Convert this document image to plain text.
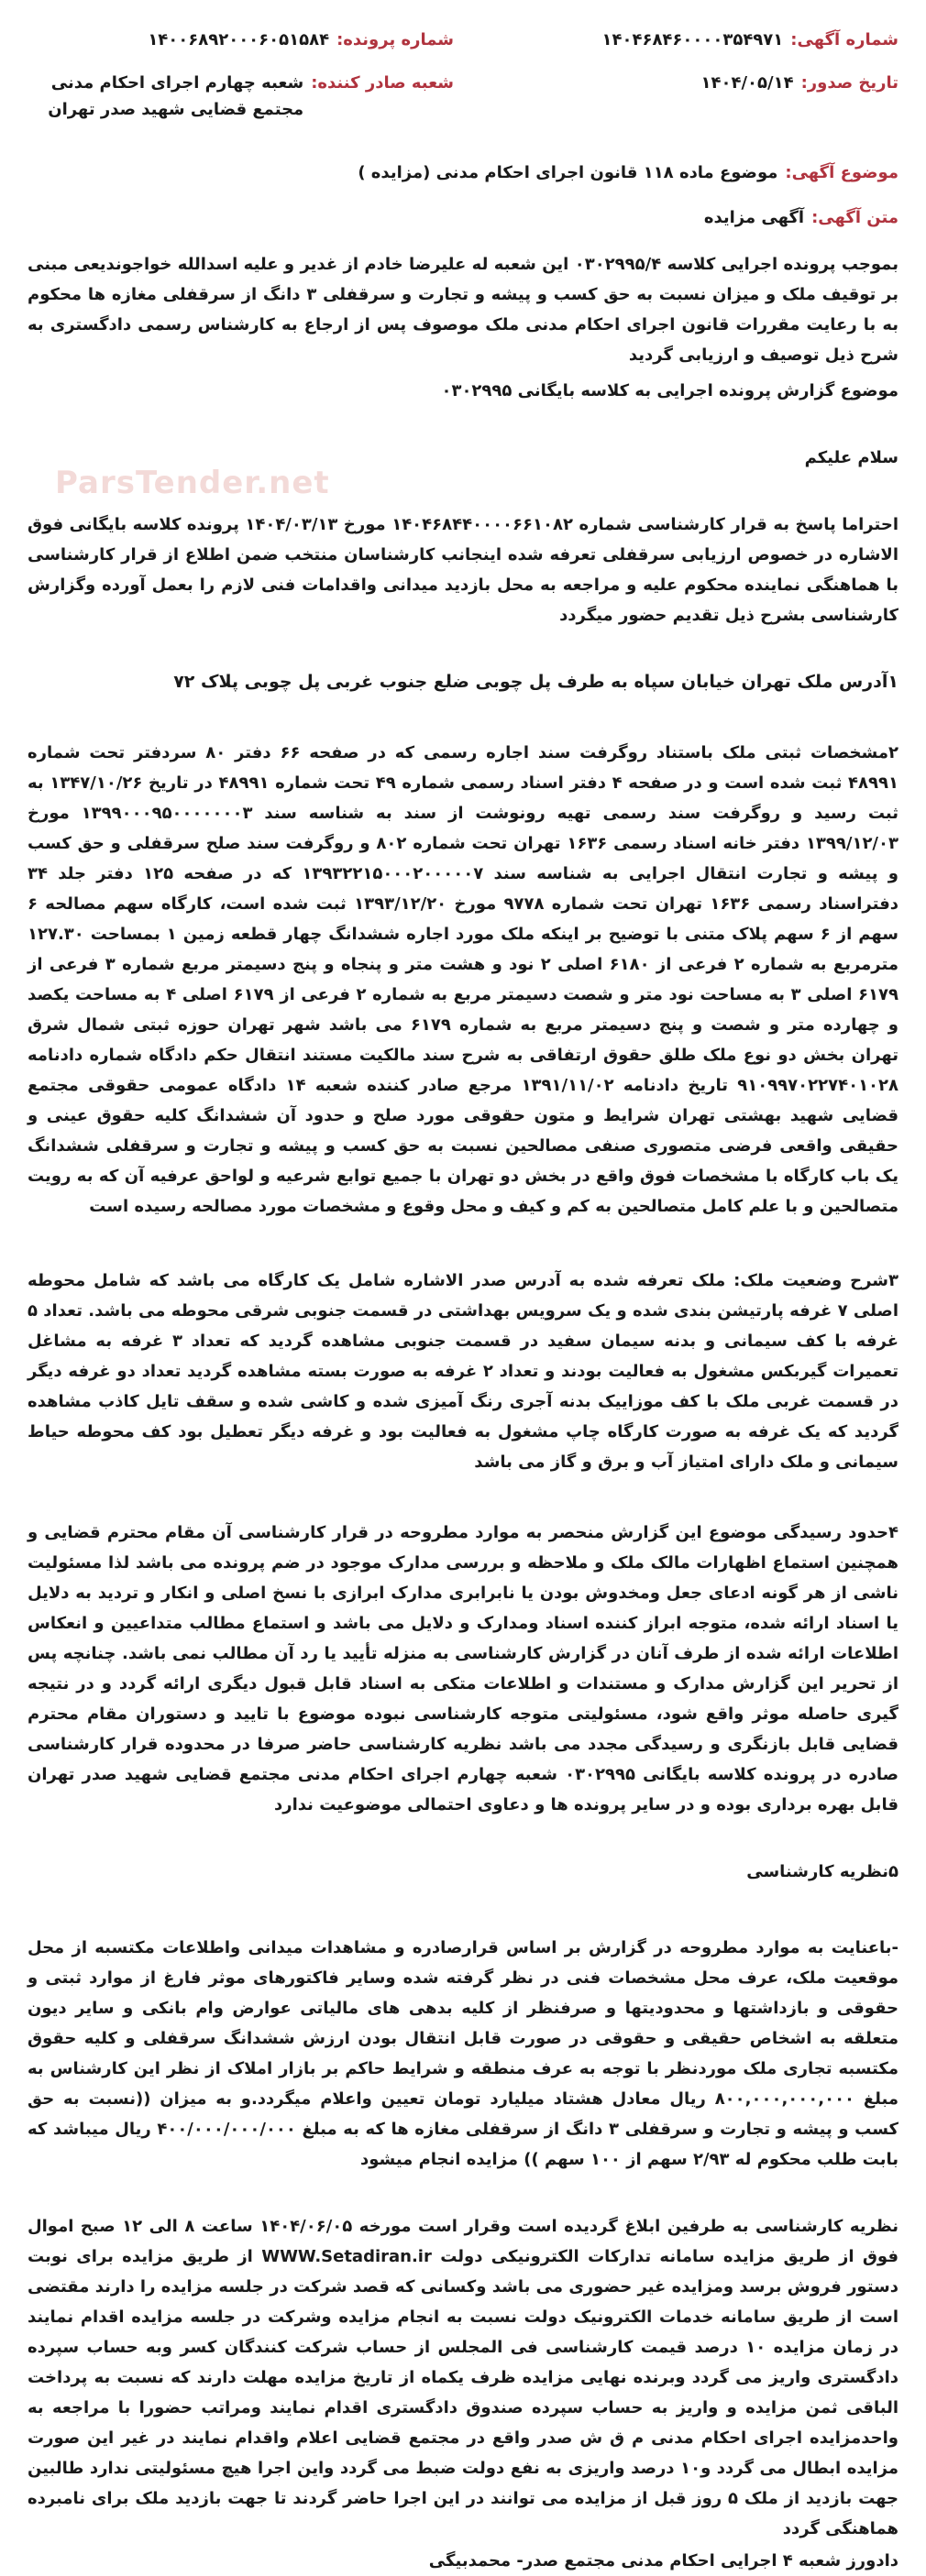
ParsTender.net
شماره آگهی:
۱۴۰۴۶۸۴۶۰۰۰۰۳۵۴۹۷۱
شماره پرونده:
۱۴۰۰۶۸۹۲۰۰۰۶۰۵۱۵۸۴
تاریخ صدور:
۱۴۰۴/۰۵/۱۴
شعبه صادر کننده:
شعبه چهارم اجرای احکام مدنی مجتمع قضایی شهید صدر تهران
موضوع آگهی:
موضوع ماده ۱۱۸ قانون اجرای احکام مدنی (مزایده )
متن آگهی:
آگهی مزایده

بموجب پرونده اجرایی کلاسه ۰۳۰۲۹۹۵/۴ این شعبه له علیرضا خادم از غدیر و علیه اسدالله خواجوندیعی مبنی بر توقیف ملک و میزان نسبت به حق کسب و پیشه و تجارت و سرقفلی ۳ دانگ از سرقفلی مغازه ها محکوم به با رعایت مقررات قانون اجرای احکام مدنی ملک موصوف پس از ارجاع به کارشناس رسمی دادگستری به شرح ذیل توصیف و ارزیابی گردید

موضوع گزارش پرونده اجرایی به کلاسه بایگانی ۰۳۰۲۹۹۵

سلام علیکم

احتراما پاسخ به قرار کارشناسی شماره ۱۴۰۴۶۸۴۴۰۰۰۰۶۶۱۰۸۲ مورخ ۱۴۰۴/۰۳/۱۳ پرونده کلاسه بایگانی فوق الاشاره در خصوص ارزیابی سرقفلی تعرفه شده اینجانب کارشناسان منتخب ضمن اطلاع از قرار کارشناسی با هماهنگی نماینده محکوم علیه و مراجعه به محل بازدید میدانی واقدامات فنی لازم را بعمل آورده وگزارش کارشناسی بشرح ذیل تقدیم حضور میگردد

۱آدرس ملک تهران خیابان سپاه به طرف پل چوبی ضلع جنوب غربی پل چوبی پلاک ۷۲

۲مشخصات ثبتی ملک باستناد روگرفت سند اجاره رسمی که در صفحه ۶۶ دفتر ۸۰ سردفتر تحت شماره ۴۸۹۹۱ ثبت شده است و در صفحه ۴ دفتر اسناد رسمی شماره ۴۹ تحت شماره ۴۸۹۹۱ در تاریخ ۱۳۴۷/۱۰/۲۶ به ثبت رسید و روگرفت سند رسمی تهیه رونوشت از سند به شناسه سند ۱۳۹۹۰۰۰۹۵۰۰۰۰۰۰۰۳ مورخ ۱۳۹۹/۱۲/۰۳ دفتر خانه اسناد رسمی ۱۶۳۶ تهران تحت شماره ۸۰۲ و روگرفت سند صلح سرقفلی و حق کسب و پیشه و تجارت انتقال اجرایی به شناسه سند ۱۳۹۳۲۲۱۵۰۰۰۲۰۰۰۰۰۷ که در صفحه ۱۲۵ دفتر جلد ۳۴ دفتراسناد رسمی ۱۶۳۶ تهران تحت شماره ۹۷۷۸ مورخ ۱۳۹۳/۱۲/۲۰ ثبت شده است، کارگاه سهم مصالحه ۶ سهم از ۶ سهم پلاک متنی با توضیح بر اینکه ملک مورد اجاره ششدانگ چهار قطعه زمین ۱ بمساحت ۱۲۷.۳۰ مترمربع به شماره ۲ فرعی از ۶۱۸۰ اصلی ۲ نود و هشت متر و پنجاه و پنج دسیمتر مربع شماره ۳ فرعی از ۶۱۷۹ اصلی ۳ به مساحت نود متر و شصت دسیمتر مربع به شماره ۲ فرعی از ۶۱۷۹ اصلی ۴ به مساحت یکصد و چهارده متر و شصت و پنج دسیمتر مربع به شماره ۶۱۷۹ می باشد شهر تهران حوزه ثبتی شمال شرق تهران بخش دو نوع ملک طلق حقوق ارتفاقی به شرح سند مالکیت مستند انتقال حکم دادگاه شماره دادنامه ۹۱۰۹۹۷۰۲۲۷۴۰۱۰۲۸ تاریخ دادنامه ۱۳۹۱/۱۱/۰۲ مرجع صادر کننده شعبه ۱۴ دادگاه عمومی حقوقی مجتمع قضایی شهید بهشتی تهران شرایط و متون حقوقی مورد صلح و حدود آن ششدانگ کلیه حقوق عینی و حقیقی واقعی فرضی متصوری صنفی مصالحین نسبت به حق کسب و پیشه و تجارت و سرقفلی ششدانگ یک باب کارگاه با مشخصات فوق واقع در بخش دو تهران با جمیع توابع شرعیه و لواحق عرفیه آن که به رویت متصالحین و با علم کامل متصالحین به کم و کیف و محل وقوع و مشخصات مورد مصالحه رسیده است

۳شرح وضعیت ملک: ملک تعرفه شده به آدرس صدر الاشاره شامل یک کارگاه می باشد که شامل محوطه اصلی ۷ غرفه پارتیشن بندی شده و یک سرویس بهداشتی در قسمت جنوبی شرقی محوطه می باشد. تعداد ۵ غرفه با کف سیمانی و بدنه سیمان سفید در قسمت جنوبی مشاهده گردید که تعداد ۳ غرفه به مشاغل تعمیرات گیربکس مشغول به فعالیت بودند و تعداد ۲ غرفه به صورت بسته مشاهده گردید تعداد دو غرفه دیگر در قسمت غربی ملک با کف موزاییک بدنه آجری رنگ آمیزی شده و کاشی شده و سقف تایل کاذب مشاهده گردید که یک غرفه به صورت کارگاه چاپ مشغول به فعالیت بود و غرفه دیگر تعطیل بود کف محوطه حیاط سیمانی و ملک دارای امتیاز آب و برق و گاز می باشد

۴حدود رسیدگی موضوع این گزارش منحصر به موارد مطروحه در قرار کارشناسی آن مقام محترم قضایی و همچنین استماع اظهارات مالک ملک و ملاحظه و بررسی مدارک موجود در ضم پرونده می باشد لذا مسئولیت ناشی از هر گونه ادعای جعل ومخدوش بودن یا نابرابری مدارک ابرازی با نسخ اصلی و انکار و تردید به دلایل یا اسناد ارائه شده، متوجه ابراز کننده اسناد ومدارک و دلایل می باشد و استماع مطالب متداعیین و انعکاس اطلاعات ارائه شده از طرف آنان در گزارش کارشناسی به منزله تأیید یا رد آن مطالب نمی باشد. چنانچه پس از تحریر این گزارش مدارک و مستندات و اطلاعات متکی به اسناد قابل قبول دیگری ارائه گردد و در نتیجه گیری حاصله موثر واقع شود، مسئولیتی متوجه کارشناسی نبوده موضوع با تایید و دستوران مقام محترم قضایی قابل بازنگری و رسیدگی مجدد می باشد نظریه کارشناسی حاضر صرفا در محدوده قرار کارشناسی صادره در پرونده کلاسه بایگانی ۰۳۰۲۹۹۵ شعبه چهارم اجرای احکام مدنی مجتمع قضایی شهید صدر تهران قابل بهره برداری بوده و در سایر پرونده ها و دعاوی احتمالی موضوعیت ندارد

۵نظریه کارشناسی

-باعنایت به موارد مطروحه در گزارش بر اساس قرارصادره و مشاهدات میدانی واطلاعات مکتسبه از محل موقعیت ملک، عرف محل مشخصات فنی در نظر گرفته شده وسایر فاکتورهای موثر فارغ از موارد ثبتی و حقوقی و بازداشتها و محدودیتها و صرفنظر از کلیه بدهی های مالیاتی عوارض وام بانکی و سایر دیون متعلقه به اشخاص حقیقی و حقوقی در صورت قابل انتقال بودن ارزش ششدانگ سرقفلی و کلیه حقوق مکتسبه تجاری ملک موردنظر با توجه به عرف منطقه و شرایط حاکم بر بازار املاک از نظر این کارشناس به مبلغ ۸۰۰,۰۰۰,۰۰۰,۰۰۰ ریال معادل هشتاد میلیارد تومان تعیین واعلام میگردد.و به میزان ((نسبت به حق کسب و پیشه و تجارت و سرقفلی ۳ دانگ از سرقفلی مغازه ها که به مبلغ ۴۰۰/۰۰۰/۰۰۰/۰۰۰ ریال میباشد که بابت طلب محکوم له ۲/۹۳ سهم از ۱۰۰ سهم )) مزایده انجام میشود

نظریه کارشناسی به طرفین ابلاغ گردیده است وقرار است مورخه ۱۴۰۴/۰۶/۰۵ ساعت ۸ الی ۱۲ صبح اموال فوق از طریق مزایده سامانه تدارکات الکترونیکی دولت WWW.Setadiran.ir از طریق مزایده برای نوبت دستور فروش برسد ومزایده غیر حضوری می باشد وکسانی که قصد شرکت در جلسه مزایده را دارند مقتضی است از طریق سامانه خدمات الکترونیک دولت نسبت به انجام مزایده وشرکت در جلسه مزایده اقدام نمایند در زمان مزایده ۱۰ درصد قیمت کارشناسی فی المجلس از حساب شرکت کنندگان کسر وبه حساب سپرده دادگستری واریز می گردد وبرنده نهایی مزایده ظرف یکماه از تاریخ مزایده مهلت دارند که نسبت به پرداخت الباقی ثمن مزایده و واریز به حساب سپرده صندوق دادگستری اقدام نمایند ومراتب حضورا با مراجعه به واحدمزایده اجرای احکام مدنی م ق ش صدر واقع در مجتمع قضایی اعلام واقدام نمایند در غیر این صورت مزایده ابطال می گردد و۱۰ درصد واریزی به نفع دولت ضبط می گردد واین اجرا هیچ مسئولیتی ندارد طالبین جهت بازدید از ملک ۵ روز قبل از مزایده می توانند در این اجرا حاضر گردند تا جهت بازدید ملک برای نامبرده هماهنگی گردد

دادورز شعبه ۴ اجرایی احکام مدنی مجتمع صدر- محمدبیگی
